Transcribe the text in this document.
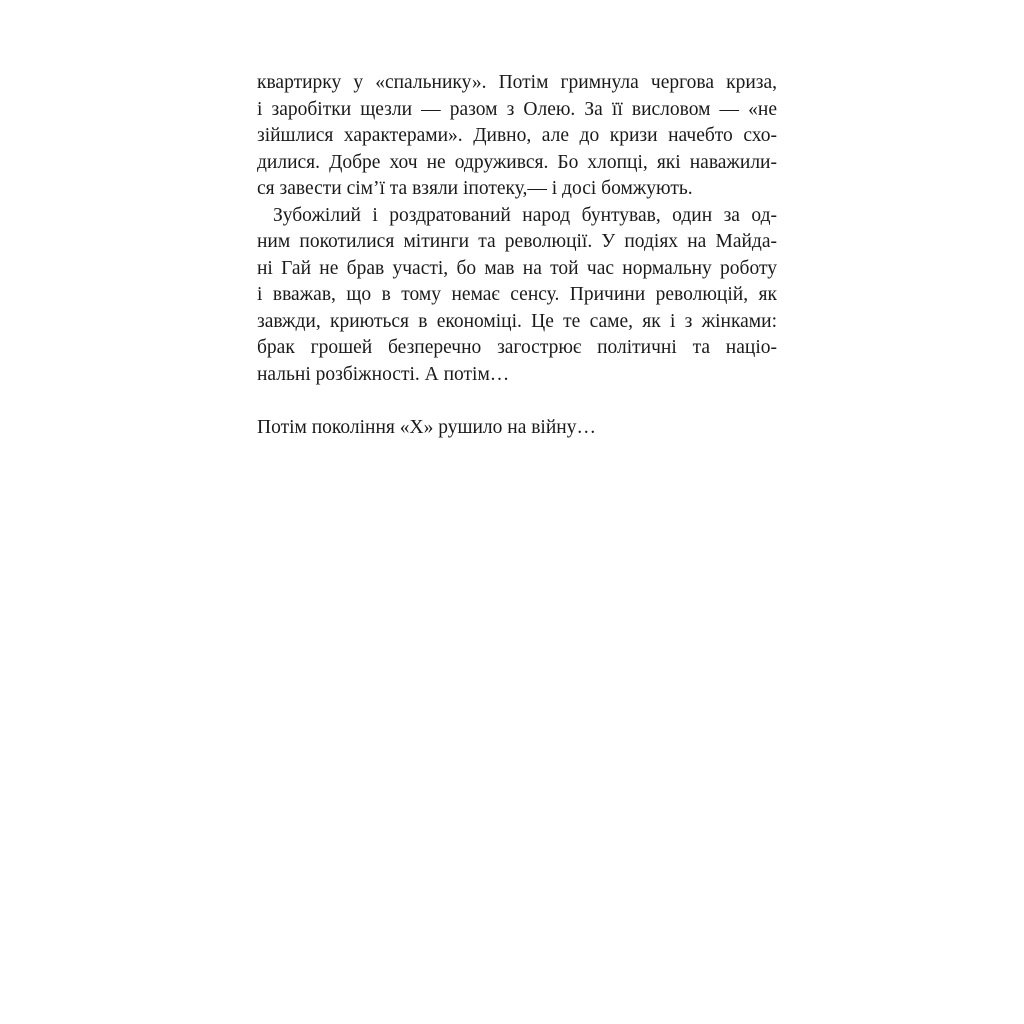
квартирку у «спальнику». Потім гримнула чергова криза,
і заробітки щезли — разом з Олею. За її висловом — «не
зійшлися характерами». Дивно, але до кризи начебто схо-
дилися. Добре хоч не одружився. Бо хлопці, які наважили-
ся завести сім’ї та взяли іпотеку,— і досі бомжують.
Зубожілий і роздратований народ бунтував, один за од-
ним покотилися мітинги та революції. У подіях на Майда-
ні Гай не брав участі, бо мав на той час нормальну роботу
і вважав, що в тому немає сенсу. Причини революцій, як
завжди, криються в економіці. Це те саме, як і з жінками:
брак грошей безперечно загострює політичні та націо-
нальні розбіжності. А потім…
Потім покоління «Х» рушило на війну…
